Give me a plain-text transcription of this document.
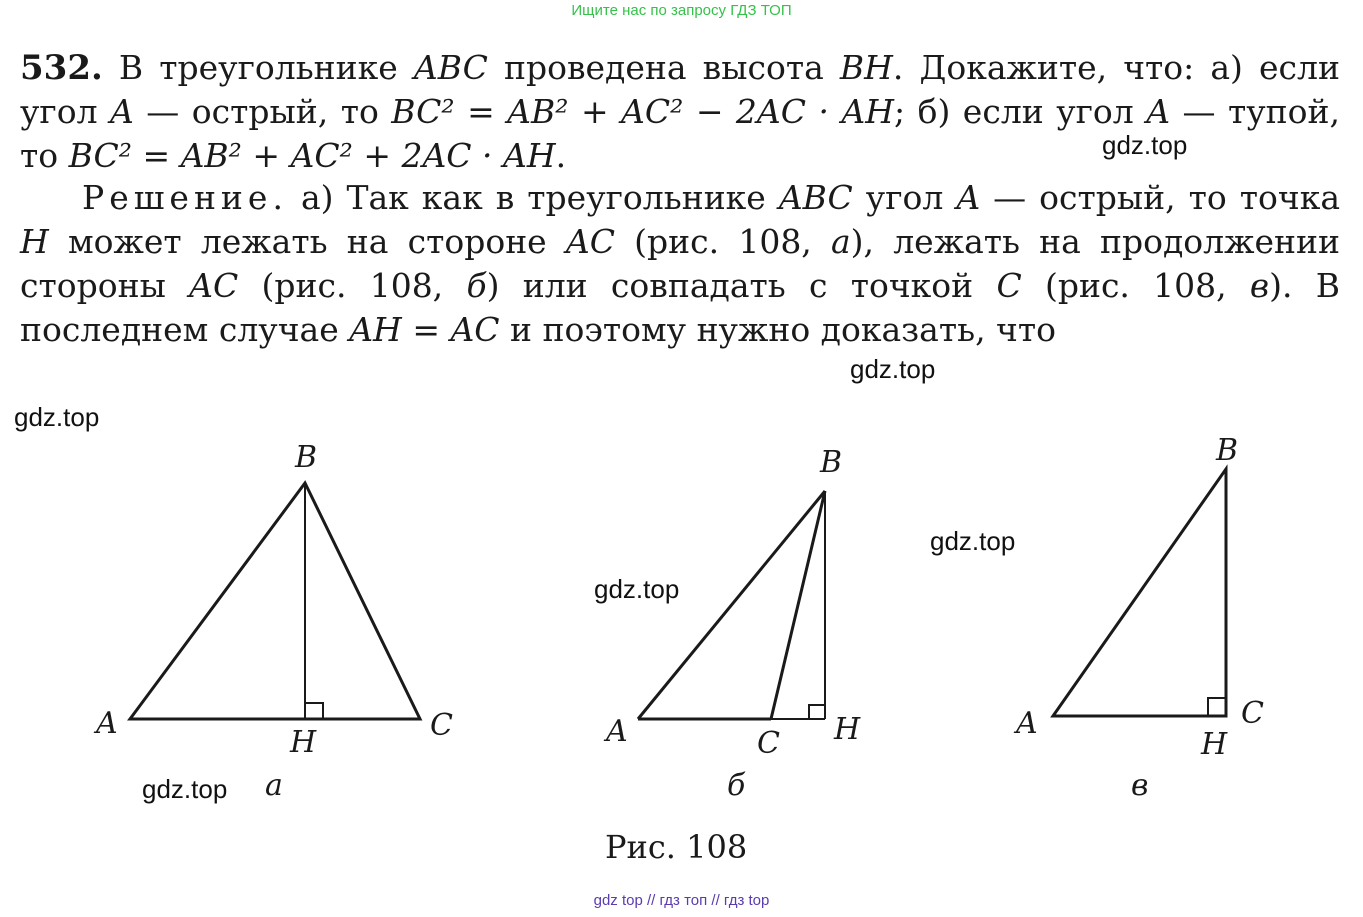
Ищите нас по запросу ГДЗ ТОП

532. В треугольнике ABC проведена высота BH. Докажите, что: а) если угол A — острый, то BC² = AB² + AC² − 2AC · AH; б) если угол A — тупой, то BC² = AB² + AC² + 2AC · AH.

Решение. а) Так как в треугольнике ABC угол A — острый, то точка H может лежать на стороне AC (рис. 108, а), лежать на продолжении стороны AC (рис. 108, б) или совпадать с точкой C (рис. 108, в). В последнем случае AH = AC и поэтому нужно доказать, что

gdz.top
gdz.top
gdz.top
gdz.top
gdz.top
gdz.top
A
B
C
H	A
B
C H	A
B
C
H
а	б	в
Рис. 108
gdz top // гдз топ // гдз top
